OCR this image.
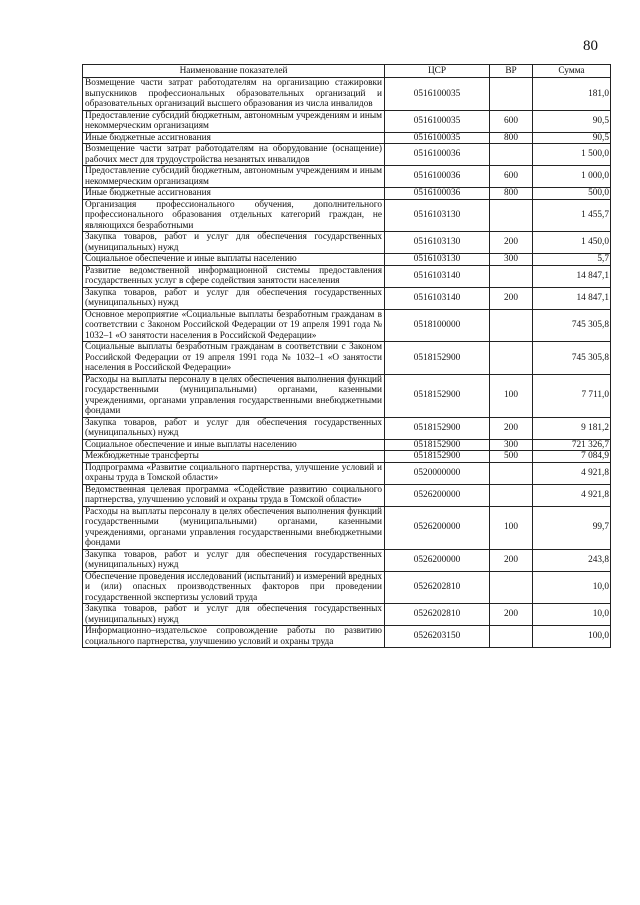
80
Наименование показателей	ЦСР	ВР	Сумма
Возмещение части затрат работодателям на организацию стажировки выпускников профессиональных образовательных организаций и образовательных организаций высшего образования из числа инвалидов	0516100035		181,0
Предоставление субсидий бюджетным, автономным учреждениям и иным некоммерческим организациям	0516100035	600	90,5
Иные бюджетные ассигнования	0516100035	800	90,5
Возмещение части затрат работодателям на оборудование (оснащение) рабочих мест для трудоустройства незанятых инвалидов	0516100036		1 500,0
Предоставление субсидий бюджетным, автономным учреждениям и иным некоммерческим организациям	0516100036	600	1 000,0
Иные бюджетные ассигнования	0516100036	800	500,0
Организация профессионального обучения, дополнительного профессионального образования отдельных категорий граждан, не являющихся безработными	0516103130		1 455,7
Закупка товаров, работ и услуг для обеспечения государственных (муниципальных) нужд	0516103130	200	1 450,0
Социальное обеспечение и иные выплаты населению	0516103130	300	5,7
Развитие ведомственной информационной системы предоставления государственных услуг в сфере содействия занятости населения	0516103140		14 847,1
Закупка товаров, работ и услуг для обеспечения государственных (муниципальных) нужд	0516103140	200	14 847,1
Основное мероприятие «Социальные выплаты безработным гражданам в соответствии с Законом Российской Федерации от 19 апреля 1991 года № 1032–1 «О занятости населения в Российской Федерации»	0518100000		745 305,8
Социальные выплаты безработным гражданам в соответствии с Законом Российской Федерации от 19 апреля 1991 года № 1032–1 «О занятости населения в Российской Федерации»	0518152900		745 305,8
Расходы на выплаты персоналу в целях обеспечения выполнения функций государственными (муниципальными) органами, казенными учреждениями, органами управления государственными внебюджетными фондами	0518152900	100	7 711,0
Закупка товаров, работ и услуг для обеспечения государственных (муниципальных) нужд	0518152900	200	9 181,2
Социальное обеспечение и иные выплаты населению	0518152900	300	721 326,7
Межбюджетные трансферты	0518152900	500	7 084,9
Подпрограмма «Развитие социального партнерства, улучшение условий и охраны труда в Томской области»	0520000000		4 921,8
Ведомственная целевая программа «Содействие развитию социального партнерства, улучшению условий и охраны труда в Томской области»	0526200000		4 921,8
Расходы на выплаты персоналу в целях обеспечения выполнения функций государственными (муниципальными) органами, казенными учреждениями, органами управления государственными внебюджетными фондами	0526200000	100	99,7
Закупка товаров, работ и услуг для обеспечения государственных (муниципальных) нужд	0526200000	200	243,8
Обеспечение проведения исследований (испытаний) и измерений вредных и (или) опасных производственных факторов при проведении государственной экспертизы условий труда	0526202810		10,0
Закупка товаров, работ и услуг для обеспечения государственных (муниципальных) нужд	0526202810	200	10,0
Информационно–издательское сопровождение работы по развитию социального партнерства, улучшению условий и охраны труда	0526203150		100,0
